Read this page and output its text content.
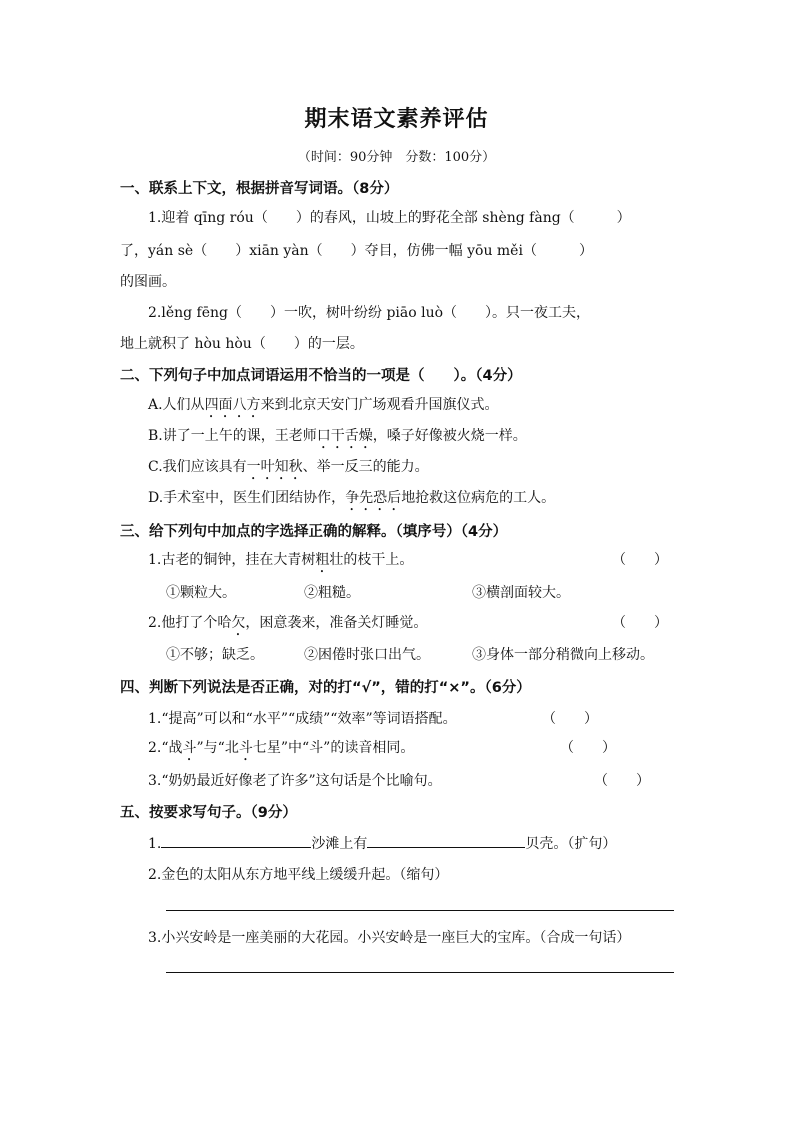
期末语文素养评估
（时间：90分钟　分数：100分）
一、联系上下文，根据拼音写词语。（8分）
1.迎着 qīng róu（　　）的春风，山坡上的野花全部 shèng fàng（　　　）
了，yán sè（　　）xiān yàn（　　）夺目，仿佛一幅 yōu měi（　　　）
的图画。
2.lěng fēng（　　）一吹，树叶纷纷 piāo luò（　　）。只一夜工夫，
地上就积了 hòu hòu（　　）的一层。
二、下列句子中加点词语运用不恰当的一项是（　　）。（4分）
A.人们从四面八方来到北京天安门广场观看升国旗仪式。
B.讲了一上午的课，王老师口干舌燥，嗓子好像被火烧一样。
C.我们应该具有一叶知秋、举一反三的能力。
D.手术室中，医生们团结协作，争先恐后地抢救这位病危的工人。
三、给下列句中加点的字选择正确的解释。（填序号）（4分）
1.古老的铜钟，挂在大青树粗壮的枝干上。	（　　）
①颗粒大。	②粗糙。	③横剖面较大。
2.他打了个哈欠，困意袭来，准备关灯睡觉。	（　　）
①不够；缺乏。	②困倦时张口出气。	③身体一部分稍微向上移动。
四、判断下列说法是否正确，对的打“√”，错的打“×”。（6分）
1.“提高”可以和“水平”“成绩”“效率”等词语搭配。	（　　）
2.“战斗”与“北斗七星”中“斗”的读音相同。	（　　）
3.“奶奶最近好像老了许多”这句话是个比喻句。	（　　）
五、按要求写句子。（9分）
1.	沙滩上有	贝壳。（扩句）
2.金色的太阳从东方地平线上缓缓升起。（缩句）
3.小兴安岭是一座美丽的大花园。小兴安岭是一座巨大的宝库。（合成一句话）
